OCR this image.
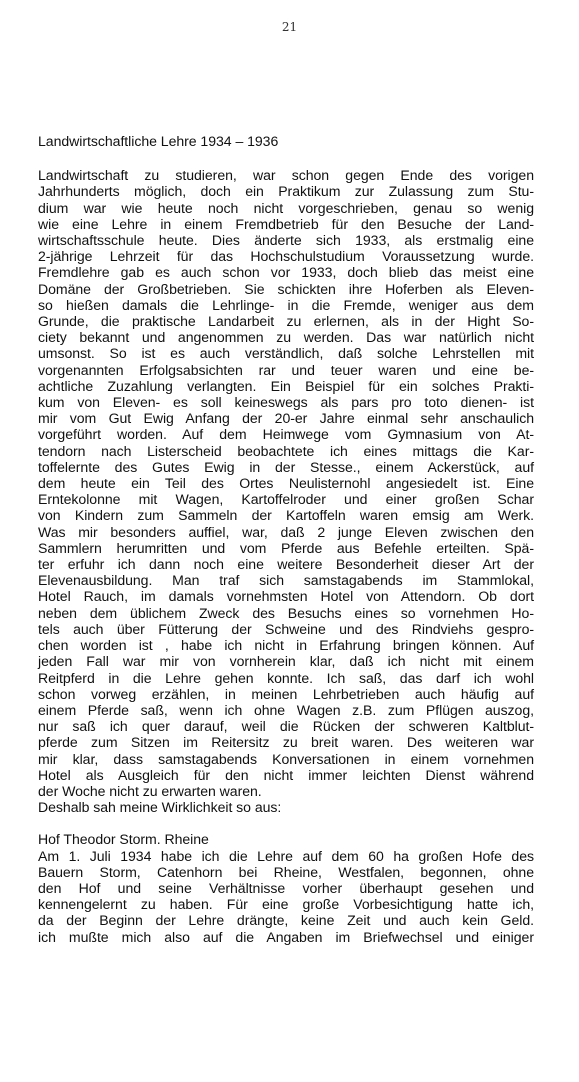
21

Landwirtschaftliche Lehre 1934 – 1936

Landwirtschaft zu studieren, war schon gegen Ende des vorigen
Jahrhunderts möglich, doch ein Praktikum zur Zulassung zum Stu-
dium war wie heute noch nicht vorgeschrieben, genau so wenig
wie eine Lehre in einem Fremdbetrieb für den Besuche der Land-
wirtschaftsschule heute. Dies änderte sich 1933, als erstmalig eine
2-jährige Lehrzeit für das Hochschulstudium Voraussetzung wurde.
Fremdlehre gab es auch schon vor 1933, doch blieb das meist eine
Domäne der Großbetrieben. Sie schickten ihre Hoferben als Eleven-
so hießen damals die Lehrlinge- in die Fremde, weniger aus dem
Grunde, die praktische Landarbeit zu erlernen, als in der Hight So-
ciety bekannt und angenommen zu werden. Das war natürlich nicht
umsonst. So ist es auch verständlich, daß solche Lehrstellen mit
vorgenannten Erfolgsabsichten rar und teuer waren und eine be-
achtliche Zuzahlung verlangten. Ein Beispiel für ein solches Prakti-
kum von Eleven- es soll keineswegs als pars pro toto dienen- ist
mir vom Gut Ewig Anfang der 20-er Jahre einmal sehr anschaulich
vorgeführt worden. Auf dem Heimwege vom Gymnasium von At-
tendorn nach Listerscheid beobachtete ich eines mittags die Kar-
toffelernte des Gutes Ewig in der Stesse., einem Ackerstück, auf
dem heute ein Teil des Ortes Neulisternohl angesiedelt ist. Eine
Erntekolonne mit Wagen, Kartoffelroder und einer großen Schar
von Kindern zum Sammeln der Kartoffeln waren emsig am Werk.
Was mir besonders auffiel, war, daß 2 junge Eleven zwischen den
Sammlern herumritten und vom Pferde aus Befehle erteilten. Spä-
ter erfuhr ich dann noch eine weitere Besonderheit dieser Art der
Elevenausbildung. Man traf sich samstagabends im Stammlokal,
Hotel Rauch, im damals vornehmsten Hotel von Attendorn. Ob dort
neben dem üblichem Zweck des Besuchs eines so vornehmen Ho-
tels auch über Fütterung der Schweine und des Rindviehs gespro-
chen worden ist , habe ich nicht in Erfahrung bringen können. Auf
jeden Fall war mir von vornherein klar, daß ich nicht mit einem
Reitpferd in die Lehre gehen konnte. Ich saß, das darf ich wohl
schon vorweg erzählen, in meinen Lehrbetrieben auch häufig auf
einem Pferde saß, wenn ich ohne Wagen z.B. zum Pflügen auszog,
nur saß ich quer darauf, weil die Rücken der schweren Kaltblut-
pferde zum Sitzen im Reitersitz zu breit waren. Des weiteren war
mir klar, dass samstagabends Konversationen in einem vornehmen
Hotel als Ausgleich für den nicht immer leichten Dienst während
der Woche nicht zu erwarten waren.
Deshalb sah meine Wirklichkeit so aus:

Hof Theodor Storm. Rheine

Am 1. Juli 1934 habe ich die Lehre auf dem 60 ha großen Hofe des
Bauern Storm, Catenhorn bei Rheine, Westfalen, begonnen, ohne
den Hof und seine Verhältnisse vorher überhaupt gesehen und
kennengelernt zu haben. Für eine große Vorbesichtigung hatte ich,
da der Beginn der Lehre drängte, keine Zeit und auch kein Geld.
ich mußte mich also auf die Angaben im Briefwechsel und einiger
